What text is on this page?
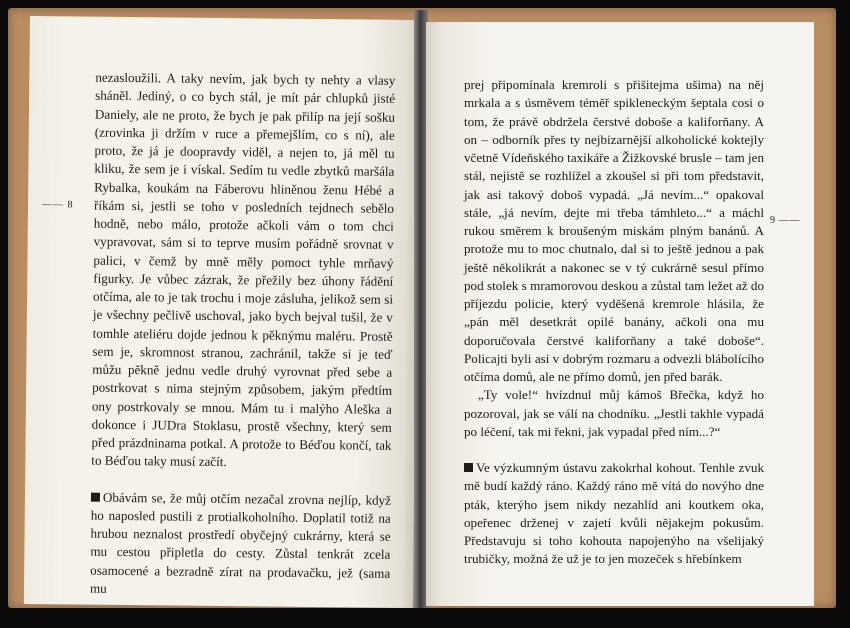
—— 8

nezasloužili. A taky nevím, jak bych ty nehty a vlasy sháněl. Jediný, o co bych stál, je mít pár chlupků jisté Daniely, ale ne proto, že bych je pak přilíp na její sošku (zrovinka ji držím v ruce a přemejšlím, co s ní), ale proto, že já je doopravdy viděl, a nejen to, já měl tu kliku, že sem je i vískal. Sedím tu vedle zbytků maršála Rybalka, koukám na Fáberovu hliněnou ženu Hébé a říkám si, jestli se toho v posledních tejdnech sebělo hodně, nebo málo, protože ačkoli vám o tom chci vypravovat, sám si to teprve musím pořádně srovnat v palici, v čemž by mně měly pomoct tyhle mrňavý figurky. Je vůbec zázrak, že přežily bez úhony řádění otčíma, ale to je tak trochu i moje zásluha, jelikož sem si je všechny pečlivě uschoval, jako bych bejval tušil, že v tomhle ateliéru dojde jednou k pěknýmu maléru. Prostě sem je, skromnost stranou, zachránil, takže si je teď můžu pěkně jednu vedle druhý vyrovnat před sebe a postrkovat s nima stejným způsobem, jakým předtím ony postrkovaly se mnou. Mám tu i malýho Aleška a dokonce i JUDra Stoklasu, prostě všechny, který sem před prázdninama potkal. A protože to Béďou končí, tak to Béďou taky musí začít.

Obávám se, že můj otčím nezačal zrovna nejlíp, když ho naposled pustili z protialkoholního. Doplatil totiž na hrubou neznalost prostředí obyčejný cukrárny, která se mu cestou připletla do cesty. Zůstal tenkrát zcela osamocené a bezradně zírat na prodavačku, jež (sama mu

9 ——

prej připomínala kremroli s přišitejma ušima) na něj mrkala a s úsměvem téměř spikleneckým šeptala cosi o tom, že právě obdržela čerstvé doboše a kaliforňany. A on – odborník přes ty nejbizarnější alkoholické koktejly včetně Vídeňského taxikáře a Žižkovské brusle – tam jen stál, nejistě se rozhlížel a zkoušel si při tom představit, jak asi takový doboš vypadá. „Já nevím...“ opakoval stále, „já nevím, dejte mi třeba támhleto...“ a máchl rukou směrem k broušeným miskám plným banánů. A protože mu to moc chutnalo, dal si to ještě jednou a pak ještě několikrát a nakonec se v tý cukrárně sesul přímo pod stolek s mramorovou deskou a zůstal tam ležet až do příjezdu policie, který vyděšená kremrole hlásila, že „pán měl desetkrát opilé banány, ačkoli ona mu doporučovala čerstvé kaliforňany a také doboše“. Policajti byli asi v dobrým rozmaru a odvezli blábolícího otčíma domů, ale ne přímo domů, jen před barák.

„Ty vole!“ hvízdnul můj kámoš Břečka, když ho pozoroval, jak se válí na chodníku. „Jestli takhle vypadá po léčení, tak mi řekni, jak vypadal před ním...?“

Ve výzkumným ústavu zakokrhal kohout. Tenhle zvuk mě budí každý ráno. Každý ráno mě vítá do novýho dne pták, kterýho jsem nikdy nezahlíd ani koutkem oka, opeřenec drženej v zajetí kvůli nějakejm pokusům. Představuju si toho kohouta napojenýho na všelijaký trubičky, možná že už je to jen mozeček s hřebínkem
